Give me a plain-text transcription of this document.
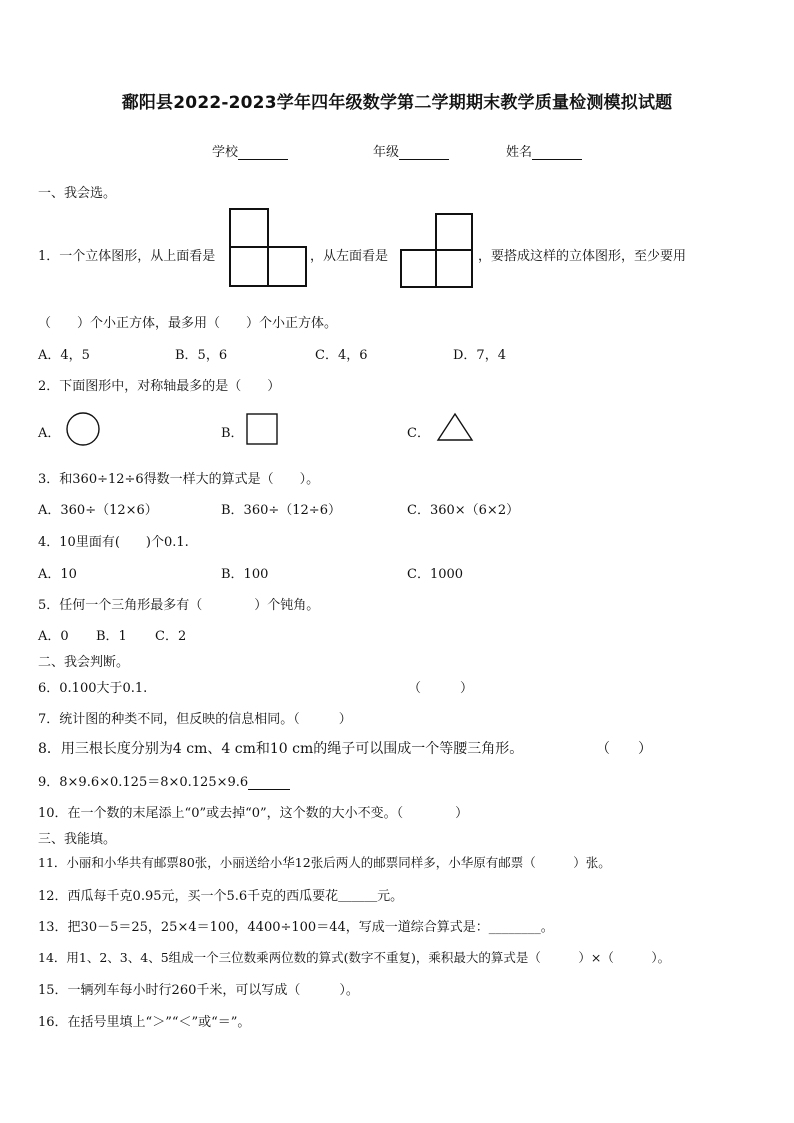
鄱阳县2022-2023学年四年级数学第二学期期末教学质量检测模拟试题
学校	年级	姓名
一、我会选。
1．一个立体图形，从上面看是	，从左面看是	，要搭成这样的立体图形，至少要用
（　　）个小正方体，最多用（　　）个小正方体。
A．4，5	B．5，6	C．4，6	D．7，4
2．下面图形中，对称轴最多的是（　　）
A．	B．	C．
3．和360÷12÷6得数一样大的算式是（　　）。
A．360÷（12×6）	B．360÷（12÷6）	C．360×（6×2）
4．10里面有(　　)个0.1.
A．10	B．100	C．1000
5．任何一个三角形最多有（　　　　）个钝角。
A．0 B．1 C．2
二、我会判断。
6．0.100大于0.1.	（　　　）
7．统计图的种类不同，但反映的信息相同。（　　　）
8．用三根长度分别为4 cm、4 cm和10 cm的绳子可以围成一个等腰三角形。	（　　）
9．8×9.6×0.125＝8×0.125×9.6
10．在一个数的末尾添上“0”或去掉“0”，这个数的大小不变。（　　　　）
三、我能填。
11．小丽和小华共有邮票80张，小丽送给小华12张后两人的邮票同样多，小华原有邮票（　　　）张。
12．西瓜每千克0.95元，买一个5.6千克的西瓜要花＿＿＿元。
13．把30－5＝25，25×4＝100，4400÷100＝44，写成一道综合算式是：________。
14．用1、2、3、4、5组成一个三位数乘两位数的算式(数字不重复)，乘积最大的算式是（　　　）×（　　　）。
15．一辆列车每小时行260千米，可以写成（　　　）。
16．在括号里填上“＞”“＜”或“＝”。
